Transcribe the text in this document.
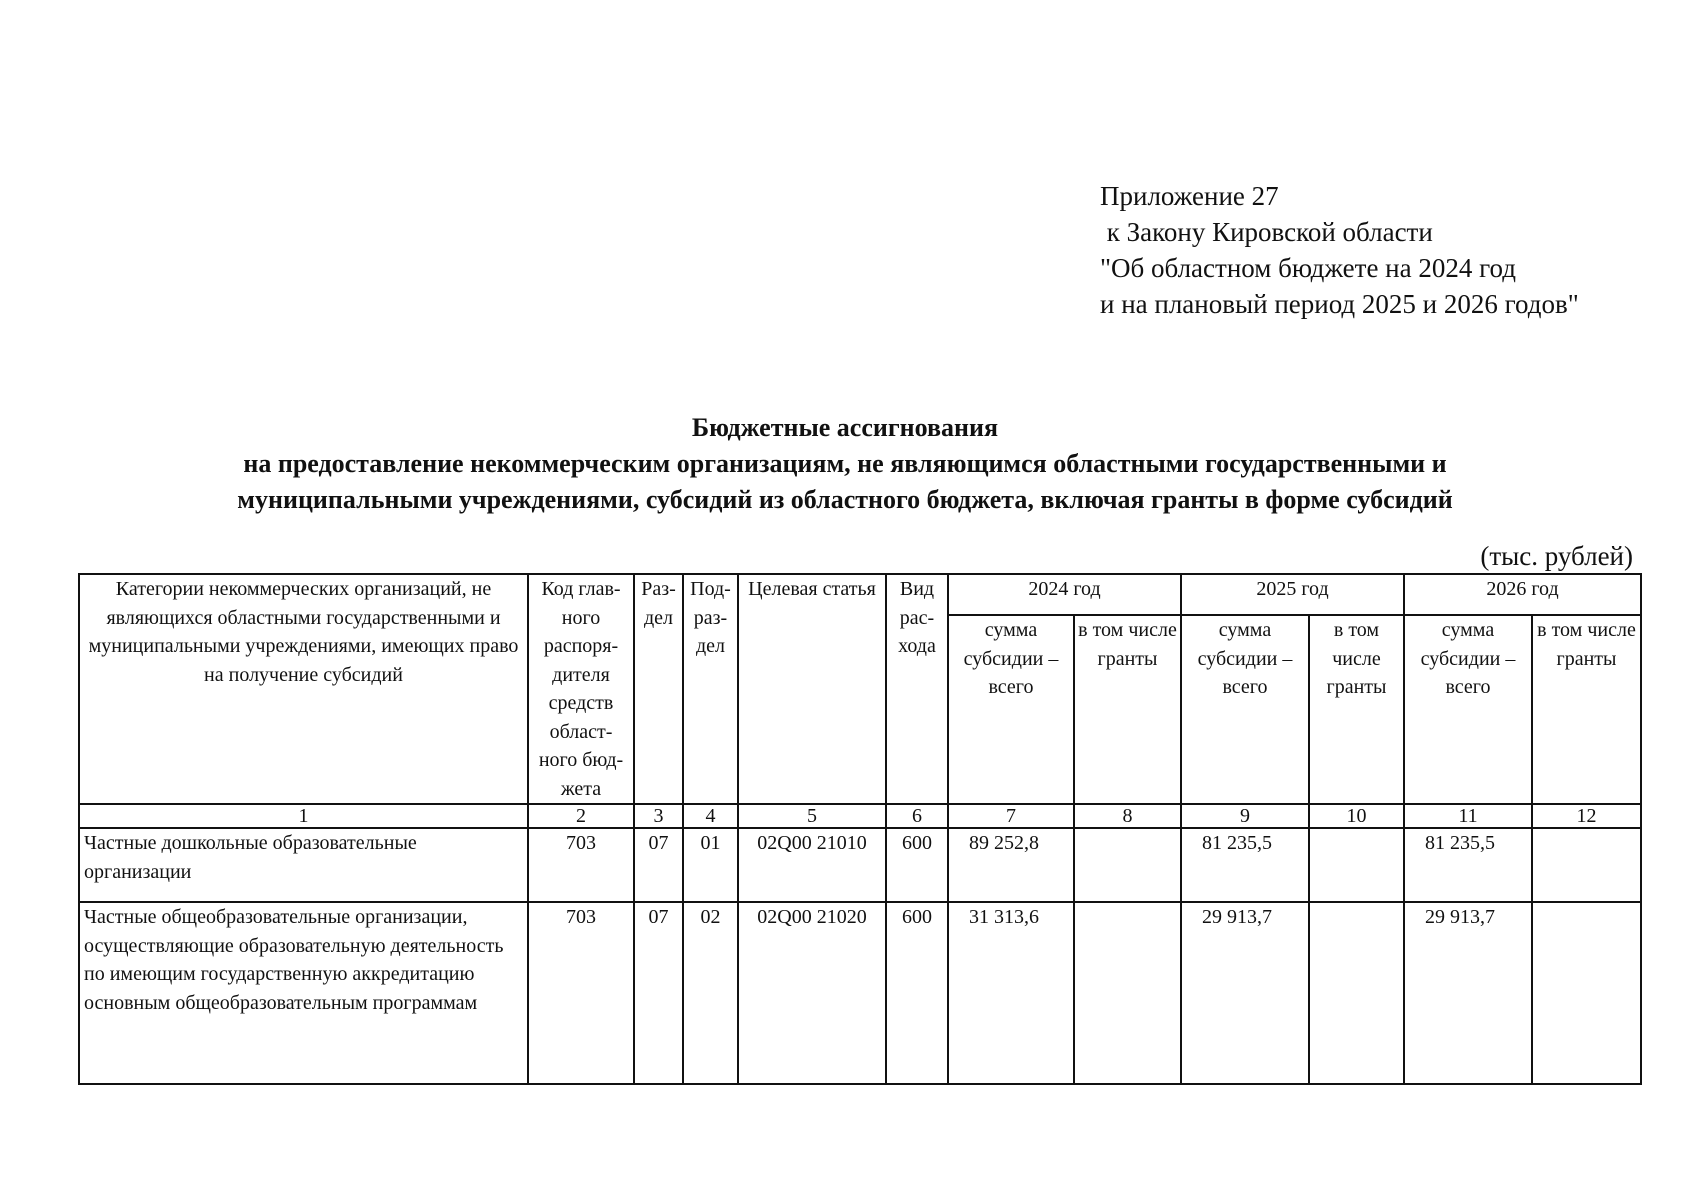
Приложение 27
к Закону Кировской области
"Об областном бюджете на 2024 год
и на плановый период 2025 и 2026 годов"
Бюджетные ассигнования
на предоставление некоммерческим организациям, не являющимся областными государственными и
муниципальными учреждениями, субсидий из областного бюджета, включая гранты в форме субсидий
(тыс. рублей)
Категории некоммерческих организаций, не являющихся областными государственными и муниципальными учреждениями, имеющих право на получение субсидий	Код глав-ного распоря-дителя средств област-ного бюд-жета	Раз-дел	Под-раз-дел	Целевая статья	Вид рас-хода	2024 год		2025 год		2026 год	
						сумма субсидии – всего	в том числе гранты	сумма субсидии – всего	в том числе гранты	сумма субсидии – всего	в том числе гранты
1	2	3	4	5	6	7	8	9	10	11	12
Частные дошкольные образовательные организации	703	07	01	02Q00 21010	600	89 252,8		81 235,5		81 235,5	
Частные общеобразовательные организации, осуществляющие образовательную деятельность по имеющим государственную аккредитацию основным общеобразовательным программам	703	07	02	02Q00 21020	600	31 313,6		29 913,7		29 913,7	
